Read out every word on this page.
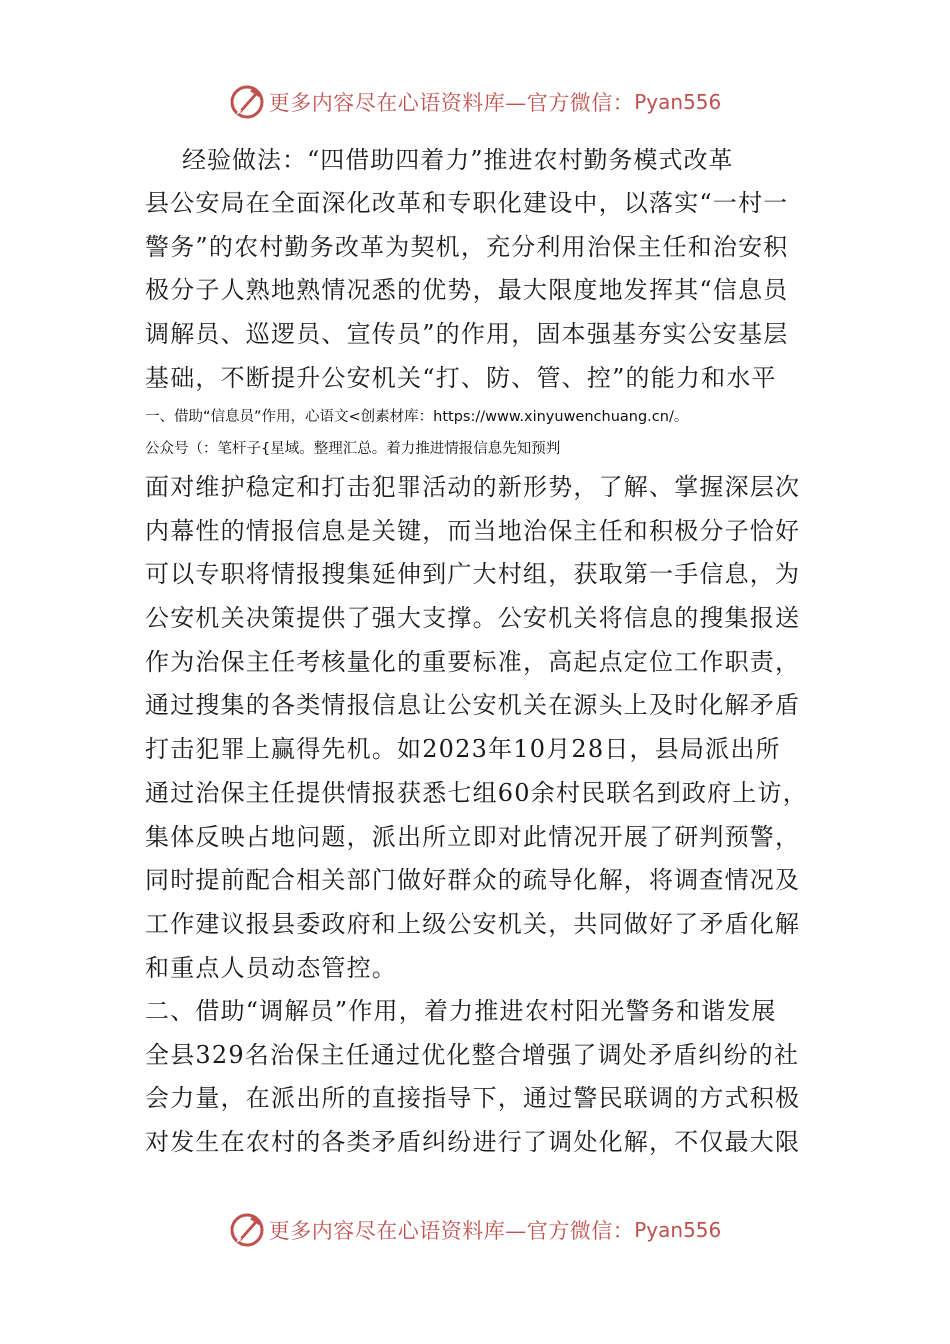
更多内容尽在心语资料库—官方微信： Pyan556
经验做法：“四借助四着力”推进农村勤务模式改革
县公安局在全面深化改革和专职化建设中，以落实“一村一
警务”的农村勤务改革为契机，充分利用治保主任和治安积
极分子人熟地熟情况悉的优势，最大限度地发挥其“信息员
调解员、巡逻员、宣传员”的作用，固本强基夯实公安基层
基础，不断提升公安机关“打、防、管、控”的能力和水平
一、借助“信息员”作用，心语文<创素材库：https://www.xinyuwenchuang.cn/。
公众号（：笔杆子{星域。整理汇总。着力推进情报信息先知预判
面对维护稳定和打击犯罪活动的新形势，了解、掌握深层次
内幕性的情报信息是关键，而当地治保主任和积极分子恰好
可以专职将情报搜集延伸到广大村组，获取第一手信息，为
公安机关决策提供了强大支撑。公安机关将信息的搜集报送
作为治保主任考核量化的重要标准，高起点定位工作职责，
通过搜集的各类情报信息让公安机关在源头上及时化解矛盾
打击犯罪上赢得先机。如2023年10月28日，县局派出所
通过治保主任提供情报获悉七组60余村民联名到政府上访，
集体反映占地问题，派出所立即对此情况开展了研判预警，
同时提前配合相关部门做好群众的疏导化解，将调查情况及
工作建议报县委政府和上级公安机关，共同做好了矛盾化解
和重点人员动态管控。
二、借助“调解员”作用，着力推进农村阳光警务和谐发展
全县329名治保主任通过优化整合增强了调处矛盾纠纷的社
会力量，在派出所的直接指导下，通过警民联调的方式积极
对发生在农村的各类矛盾纠纷进行了调处化解，不仅最大限
更多内容尽在心语资料库—官方微信： Pyan556
